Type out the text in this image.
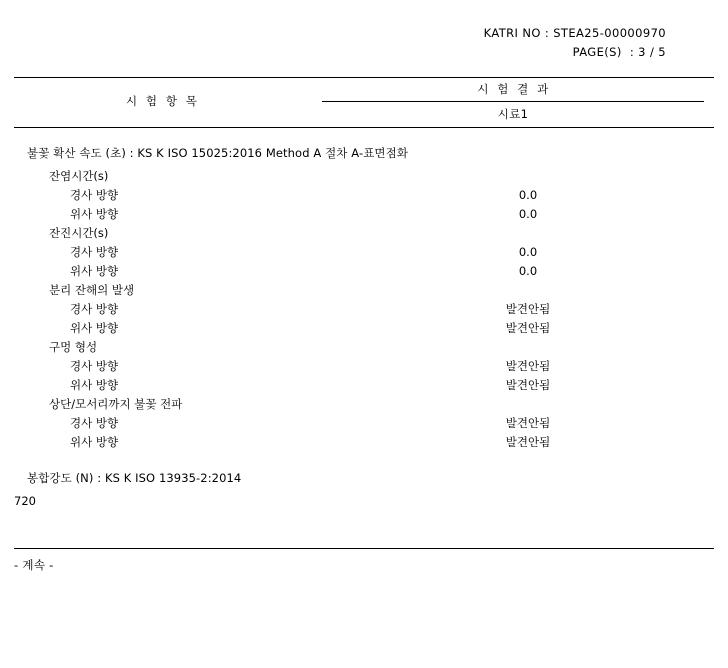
KATRI NO : STEA25-00000970
PAGE(S)  : 3 / 5
시  험  항  목
시  험  결  과
시료1
불꽃 확산 속도 (초) : KS K ISO 15025:2016 Method A 절차 A-표면점화
잔염시간(s)
경사 방향	0.0
위사 방향	0.0
잔진시간(s)
경사 방향	0.0
위사 방향	0.0
분리 잔해의 발생
경사 방향	발견안됨
위사 방향	발견안됨
구멍 형성
경사 방향	발견안됨
위사 방향	발견안됨
상단/모서리까지 불꽃 전파
경사 방향	발견안됨
위사 방향	발견안됨
봉합강도 (N) : KS K ISO 13935-2:2014
720
- 계속 -
